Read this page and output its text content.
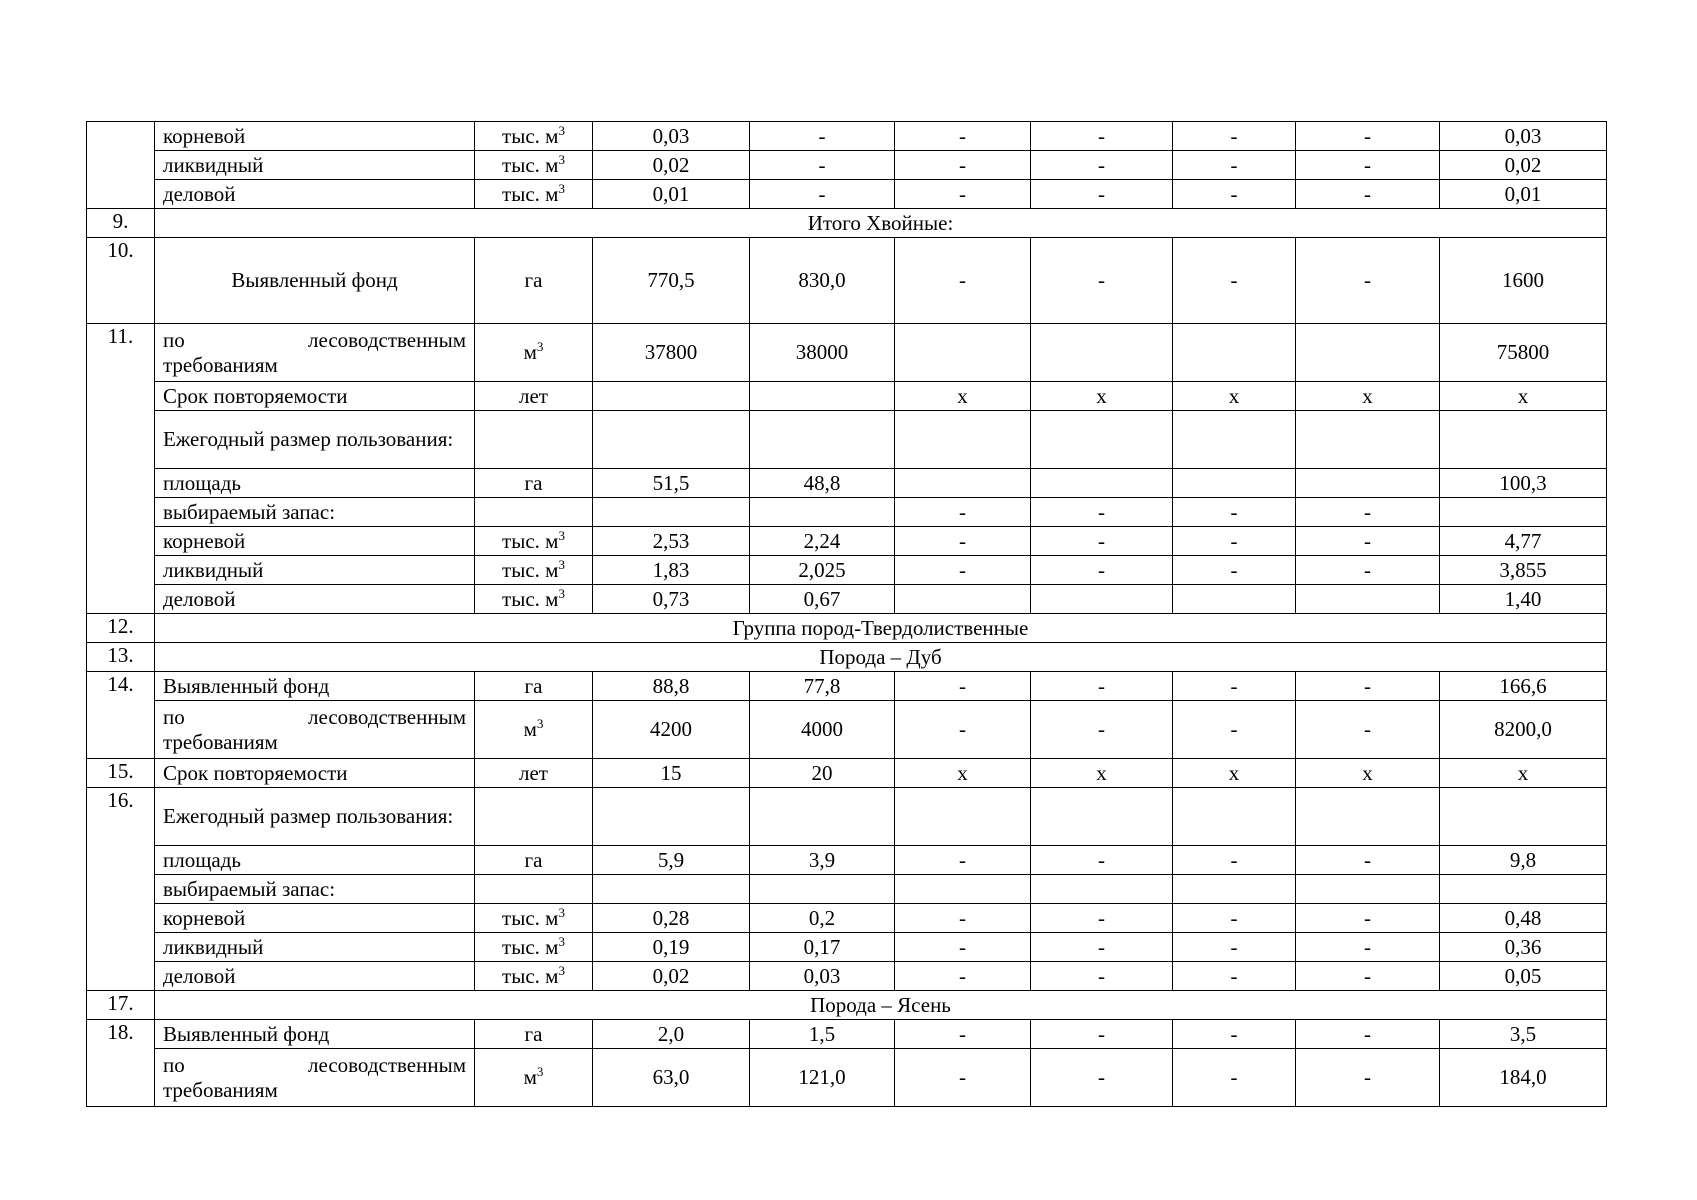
	корневой	тыс. $м^3$	0,03	-	-	-	-	-	0,03
	ликвидный	тыс. $м^3$	0,02	-	-	-	-	-	0,02
	деловой	тыс. $м^3$	0,01	-	-	-	-	-	0,01
9.	Итого Хвойные:								
10.	Выявленный фонд	га	770,5	830,0	-	-	-	-	1600
11.	по лесоводственным требованиям	$м^3$	37800	38000					75800
	Срок повторяемости	лет			х	х	х	х	х
	Ежегодный размер пользования:								
	площадь	га	51,5	48,8					100,3
	выбираемый запас:				-	-	-	-	
	корневой	тыс. $м^3$	2,53	2,24	-	-	-	-	4,77
	ликвидный	тыс. $м^3$	1,83	2,025	-	-	-	-	3,855
	деловой	тыс. $м^3$	0,73	0,67					1,40
12.	Группа пород-Твердолиственные								
13.	Порода – Дуб								
14.	Выявленный фонд	га	88,8	77,8	-	-	-	-	166,6
	по лесоводственным требованиям	$м^3$	4200	4000	-	-	-	-	8200,0
15.	Срок повторяемости	лет	15	20	х	х	х	х	х
16.	Ежегодный размер пользования:								
	площадь	га	5,9	3,9	-	-	-	-	9,8
	выбираемый запас:								
	корневой	тыс. $м^3$	0,28	0,2	-	-	-	-	0,48
	ликвидный	тыс. $м^3$	0,19	0,17	-	-	-	-	0,36
	деловой	тыс. $м^3$	0,02	0,03	-	-	-	-	0,05
17.	Порода – Ясень								
18.	Выявленный фонд	га	2,0	1,5	-	-	-	-	3,5
	по лесоводственным требованиям	$м^3$	63,0	121,0	-	-	-	-	184,0
